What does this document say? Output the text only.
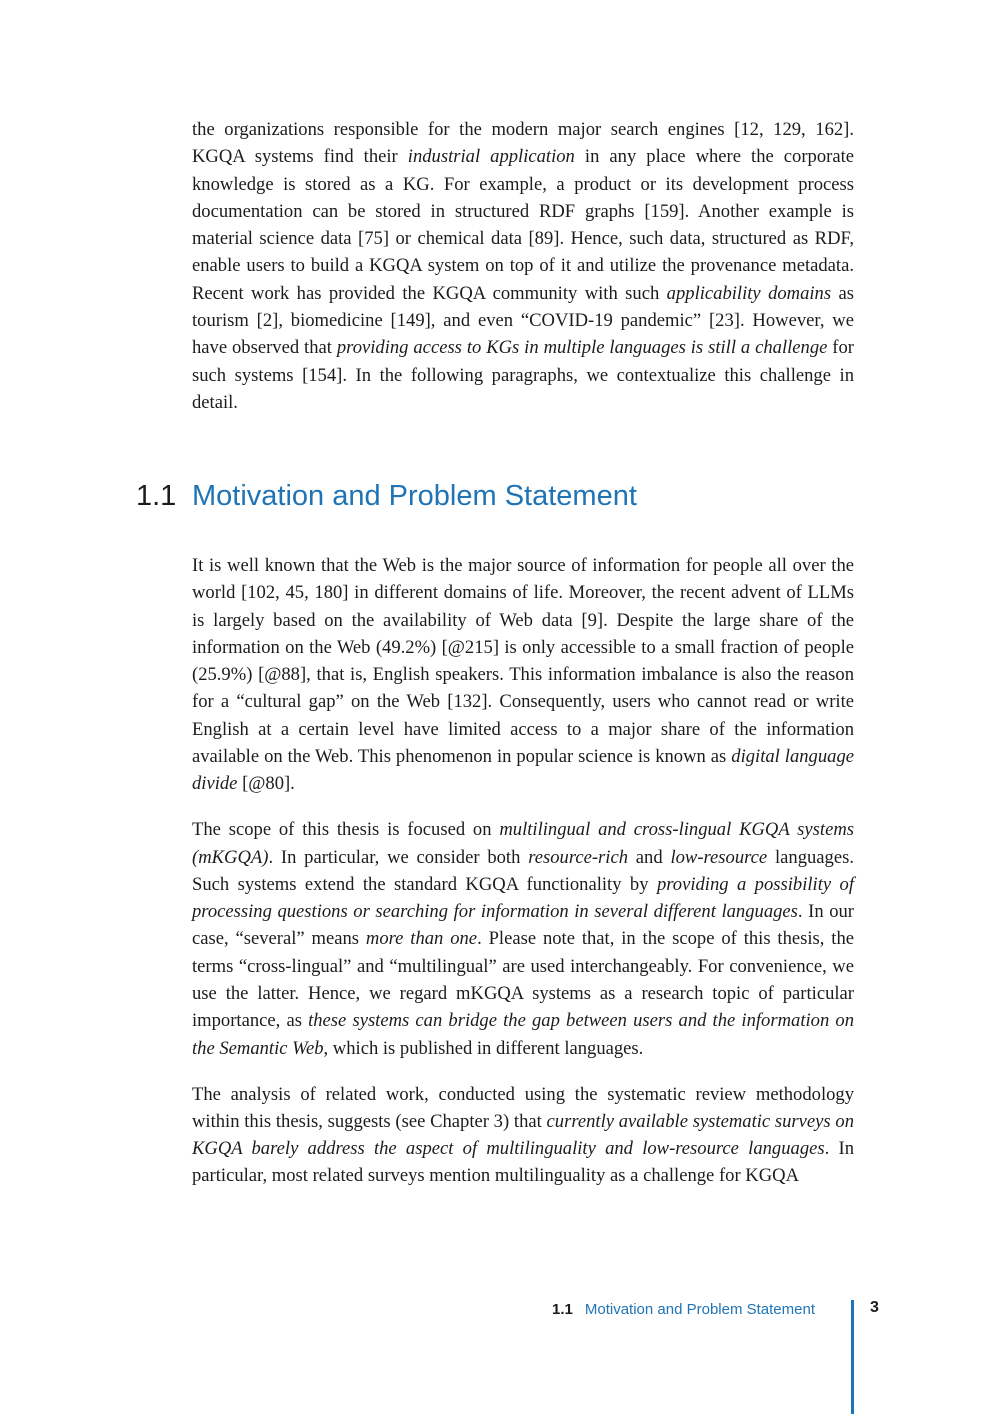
the organizations responsible for the modern major search engines [12, 129, 162]. KGQA systems find their industrial application in any place where the corporate knowledge is stored as a KG. For example, a product or its development process documentation can be stored in structured RDF graphs [159]. Another example is material science data [75] or chemical data [89]. Hence, such data, structured as RDF, enable users to build a KGQA system on top of it and utilize the provenance metadata. Recent work has provided the KGQA community with such applicability domains as tourism [2], biomedicine [149], and even “COVID-19 pandemic” [23]. However, we have observed that providing access to KGs in multiple languages is still a challenge for such systems [154]. In the following paragraphs, we contextualize this challenge in detail.

1.1 Motivation and Problem Statement

It is well known that the Web is the major source of information for people all over the world [102, 45, 180] in different domains of life. Moreover, the recent advent of LLMs is largely based on the availability of Web data [9]. Despite the large share of the information on the Web (49.2%) [@215] is only accessible to a small fraction of people (25.9%) [@88], that is, English speakers. This information imbalance is also the reason for a “cultural gap” on the Web [132]. Consequently, users who cannot read or write English at a certain level have limited access to a major share of the information available on the Web. This phenomenon in popular science is known as digital language divide [@80].

The scope of this thesis is focused on multilingual and cross-lingual KGQA systems (mKGQA). In particular, we consider both resource-rich and low-resource languages. Such systems extend the standard KGQA functionality by providing a possibility of processing questions or searching for information in several different languages. In our case, “several” means more than one. Please note that, in the scope of this thesis, the terms “cross-lingual” and “multilingual” are used interchangeably. For convenience, we use the latter. Hence, we regard mKGQA systems as a research topic of particular importance, as these systems can bridge the gap between users and the information on the Semantic Web, which is published in different languages.

The analysis of related work, conducted using the systematic review methodology within this thesis, suggests (see Chapter 3) that currently available systematic surveys on KGQA barely address the aspect of multilinguality and low-resource languages. In particular, most related surveys mention multilinguality as a challenge for KGQA

1.1 Motivation and Problem Statement	3
